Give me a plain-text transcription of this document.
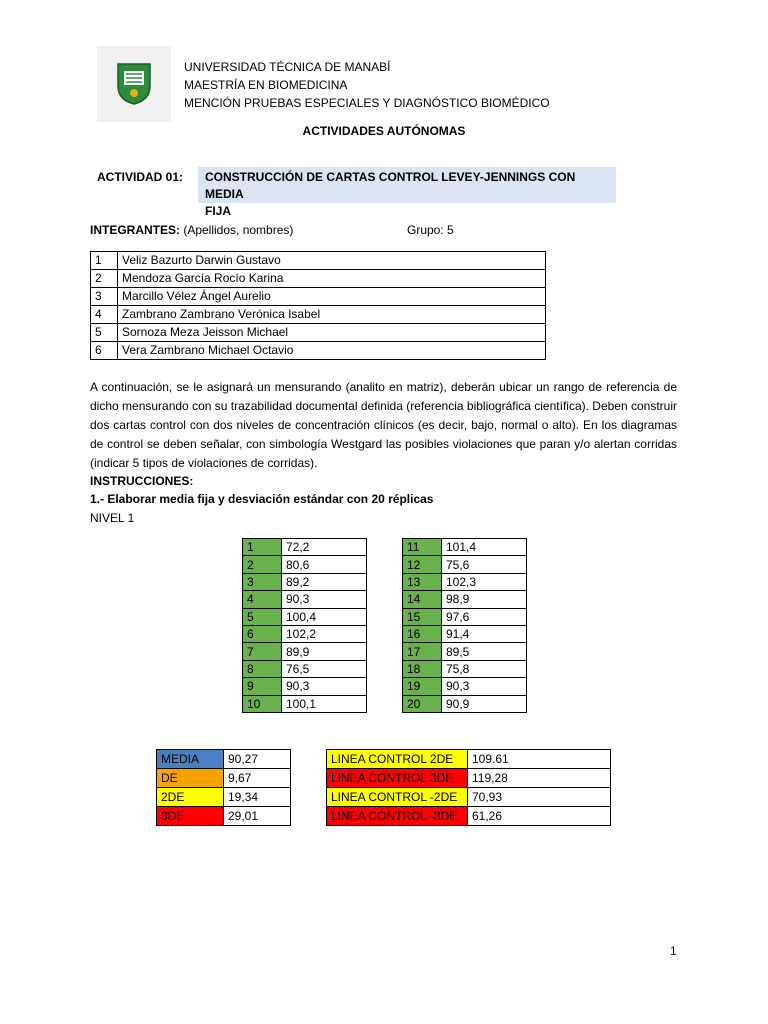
UNIVERSIDAD TÉCNICA DE MANABÍ
MAESTRÍA EN BIOMEDICINA
MENCIÓN PRUEBAS ESPECIALES Y DIAGNÓSTICO BIOMÉDICO
ACTIVIDADES AUTÓNOMAS
ACTIVIDAD 01: CONSTRUCCIÓN DE CARTAS CONTROL LEVEY-JENNINGS CON MEDIA
FIJA
INTEGRANTES: (Apellidos, nombres)	Grupo: 5
1	Veliz Bazurto Darwin Gustavo
2	Mendoza García Rocío Karina
3	Marcillo Vélez Ángel Aurelio
4	Zambrano Zambrano Verónica Isabel
5	Sornoza Meza Jeisson Michael
6	Vera Zambrano Michael Octavio
A continuación, se le asignará un mensurando (analito en matriz), deberán ubicar un rango de referencia de dicho mensurando con su trazabilidad documental definida (referencia bibliográfica científica). Deben construir dos cartas control con dos niveles de concentración clínicos (es decir, bajo, normal o alto). En los diagramas de control se deben señalar, con simbología Westgard las posibles violaciones que paran y/o alertan corridas (indicar 5 tipos de violaciones de corridas).
INSTRUCCIONES:
1.- Elaborar media fija y desviación estándar con 20 réplicas
NIVEL 1
1	72,2
2	80,6
3	89,2
4	90,3
5	100,4
6	102,2
7	89,9
8	76,5
9	90,3
10	100,1
11	101,4
12	75,6
13	102,3
14	98,9
15	97,6
16	91,4
17	89,5
18	75,8
19	90,3
20	90,9
MEDIA	90,27
DE	9,67
2DE	19,34
3DE	29,01
LINEA CONTROL 2DE	109.61
LINEA CONTROL 3DE	119,28
LINEA CONTROL -2DE	70,93
LINEA CONTROL -3DE	61,26
1
